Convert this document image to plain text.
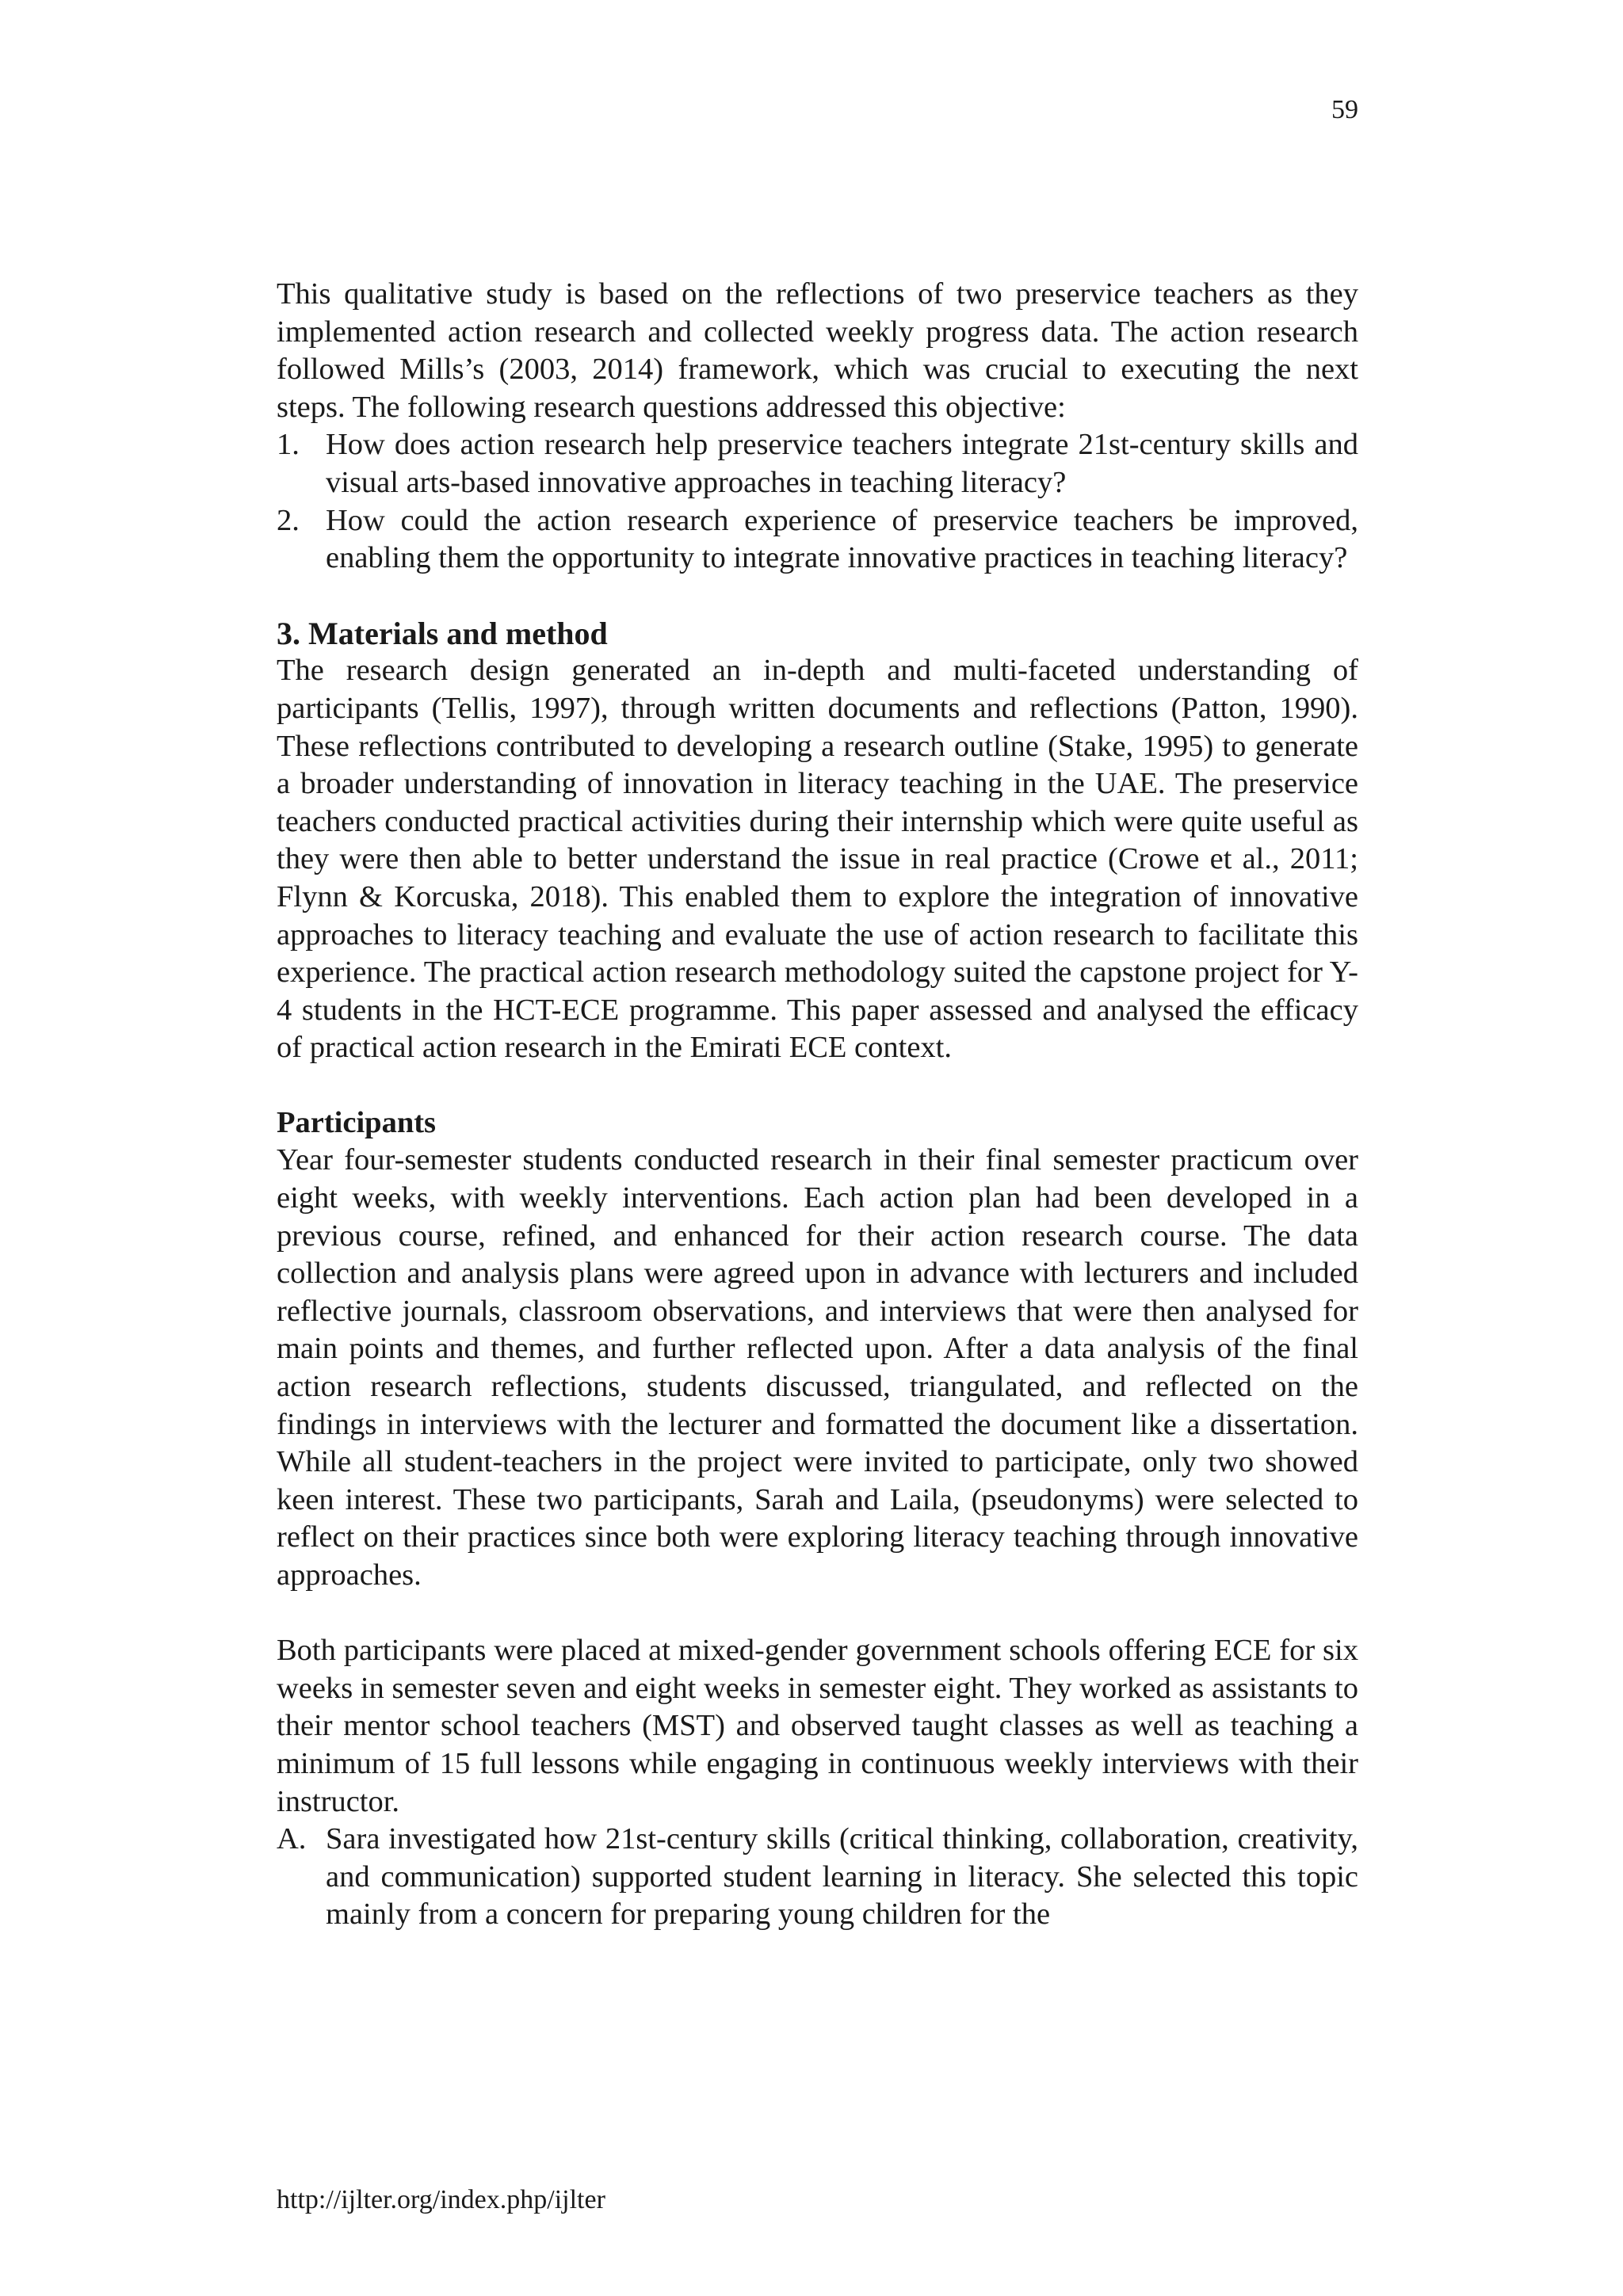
59

This qualitative study is based on the reflections of two preservice teachers as they implemented action research and collected weekly progress data. The action research followed Mills’s (2003, 2014) framework, which was crucial to executing the next steps. The following research questions addressed this objective:

1. How does action research help preservice teachers integrate 21st-century skills and visual arts-based innovative approaches in teaching literacy?
2. How could the action research experience of preservice teachers be improved, enabling them the opportunity to integrate innovative practices in teaching literacy?
3. Materials and method

The research design generated an in-depth and multi-faceted understanding of participants (Tellis, 1997), through written documents and reflections (Patton, 1990). These reflections contributed to developing a research outline (Stake, 1995) to generate a broader understanding of innovation in literacy teaching in the UAE. The preservice teachers conducted practical activities during their internship which were quite useful as they were then able to better understand the issue in real practice (Crowe et al., 2011; Flynn & Korcuska, 2018). This enabled them to explore the integration of innovative approaches to literacy teaching and evaluate the use of action research to facilitate this experience. The practical action research methodology suited the capstone project for Y-4 students in the HCT-ECE programme. This paper assessed and analysed the efficacy of practical action research in the Emirati ECE context.

Participants

Year four-semester students conducted research in their final semester practicum over eight weeks, with weekly interventions. Each action plan had been developed in a previous course, refined, and enhanced for their action research course. The data collection and analysis plans were agreed upon in advance with lecturers and included reflective journals, classroom observations, and interviews that were then analysed for main points and themes, and further reflected upon. After a data analysis of the final action research reflections, students discussed, triangulated, and reflected on the findings in interviews with the lecturer and formatted the document like a dissertation. While all student-teachers in the project were invited to participate, only two showed keen interest. These two participants, Sarah and Laila, (pseudonyms) were selected to reflect on their practices since both were exploring literacy teaching through innovative approaches.

Both participants were placed at mixed-gender government schools offering ECE for six weeks in semester seven and eight weeks in semester eight. They worked as assistants to their mentor school teachers (MST) and observed taught classes as well as teaching a minimum of 15 full lessons while engaging in continuous weekly interviews with their instructor.

A. Sara investigated how 21st-century skills (critical thinking, collaboration, creativity, and communication) supported student learning in literacy. She selected this topic mainly from a concern for preparing young children for the
http://ijlter.org/index.php/ijlter
